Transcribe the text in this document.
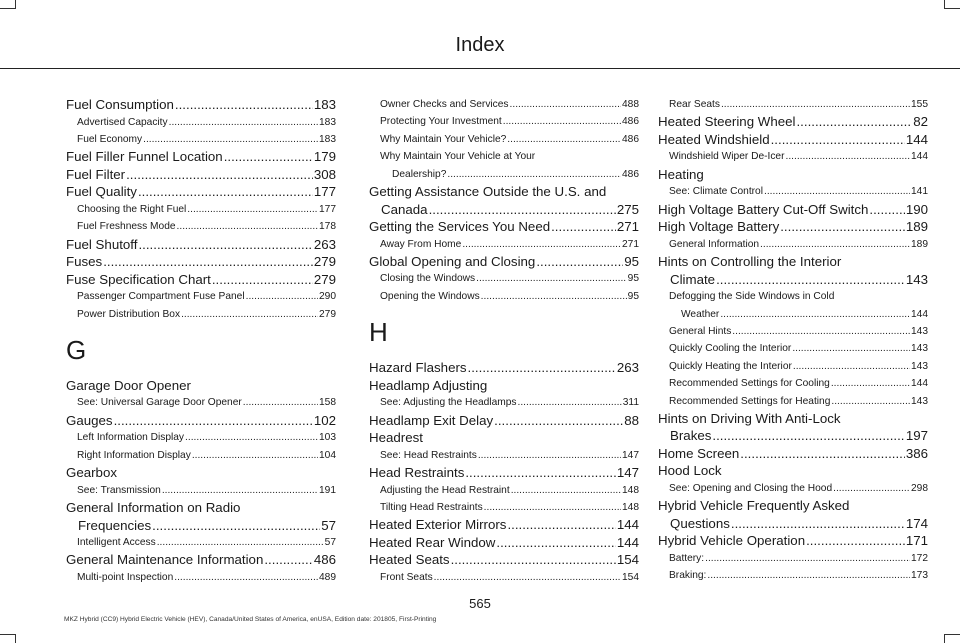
Index
Fuel Consumption .....	183
Advertised Capacity .....	183
Fuel Economy .....	183
Fuel Filler Funnel Location .....	179
Fuel Filter .....	308
Fuel Quality .....	177
Choosing the Right Fuel .....	177
Fuel Freshness Mode .....	178
Fuel Shutoff .....	263
Fuses .....	279
Fuse Specification Chart .....	279
Passenger Compartment Fuse Panel .....	290
Power Distribution Box .....	279
G
Garage Door Opener
See: Universal Garage Door Opener .....	158
Gauges .....	102
Left Information Display .....	103
Right Information Display .....	104
Gearbox
See: Transmission .....	191
General Information on Radio
Frequencies .....	57
Intelligent Access .....	57
General Maintenance Information .....	486
Multi-point Inspection .....	489
Owner Checks and Services .....	488
Protecting Your Investment .....	486
Why Maintain Your Vehicle? .....	486
Why Maintain Your Vehicle at Your
Dealership? .....	486
Getting Assistance Outside the U.S. and
Canada .....	275
Getting the Services You Need .....	271
Away From Home .....	271
Global Opening and Closing .....	95
Closing the Windows .....	95
Opening the Windows .....	95
H
Hazard Flashers .....	263
Headlamp Adjusting
See: Adjusting the Headlamps .....	311
Headlamp Exit Delay .....	88
Headrest
See: Head Restraints .....	147
Head Restraints .....	147
Adjusting the Head Restraint .....	148
Tilting Head Restraints .....	148
Heated Exterior Mirrors .....	144
Heated Rear Window .....	144
Heated Seats .....	154
Front Seats .....	154
Rear Seats .....	155
Heated Steering Wheel .....	82
Heated Windshield .....	144
Windshield Wiper De-Icer .....	144
Heating
See: Climate Control .....	141
High Voltage Battery Cut-Off Switch .....	190
High Voltage Battery .....	189
General Information .....	189
Hints on Controlling the Interior
Climate .....	143
Defogging the Side Windows in Cold
Weather .....	144
General Hints .....	143
Quickly Cooling the Interior .....	143
Quickly Heating the Interior .....	143
Recommended Settings for Cooling .....	144
Recommended Settings for Heating .....	143
Hints on Driving With Anti-Lock
Brakes .....	197
Home Screen .....	386
Hood Lock
See: Opening and Closing the Hood .....	298
Hybrid Vehicle Frequently Asked
Questions .....	174
Hybrid Vehicle Operation .....	171
Battery: .....	172
Braking: .....	173
565
MKZ Hybrid (CC9) Hybrid Electric Vehicle (HEV), Canada/United States of America, enUSA, Edition date: 201805, First-Printing
